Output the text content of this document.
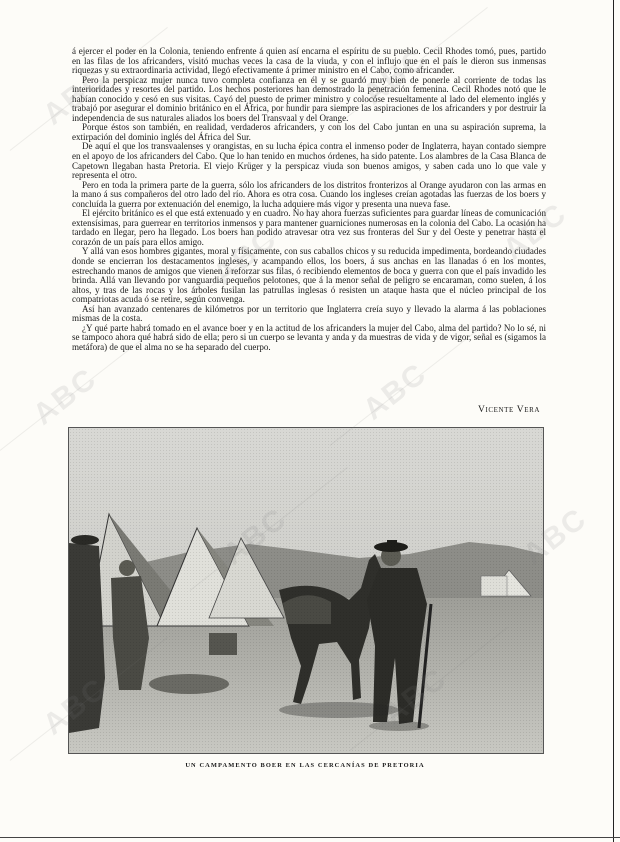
á ejercer el poder en la Colonia, teniendo enfrente á quien así encarna el espíritu de su pueblo. Cecil Rhodes tomó, pues, partido en las filas de los africanders, visitó muchas veces la casa de la viuda, y con el influjo que en el país le dieron sus inmensas riquezas y su extraordinaria actividad, llegó efectivamente á primer ministro en el Cabo, como africander.

Pero la perspicaz mujer nunca tuvo completa confianza en él y se guardó muy bien de ponerle al corriente de todas las interioridades y resortes del partido. Los hechos posteriores han demostrado la penetración femenina. Cecil Rhodes notó que le habían conocido y cesó en sus visitas. Cayó del puesto de primer ministro y colocóse resueltamente al lado del elemento inglés y trabajó por asegurar el dominio británico en el África, por hundir para siempre las aspiraciones de los africanders y por destruir la independencia de sus naturales aliados los boers del Transvaal y del Orange.

Porque éstos son también, en realidad, verdaderos africanders, y con los del Cabo juntan en una su aspiración suprema, la extirpación del dominio inglés del África del Sur.

De aquí el que los transvaalenses y orangistas, en su lucha épica contra el inmenso poder de Inglaterra, hayan contado siempre en el apoyo de los africanders del Cabo. Que lo han tenido en muchos órdenes, ha sido patente. Los alambres de la Casa Blanca de Capetown llegaban hasta Pretoria. El viejo Krüger y la perspicaz viuda son buenos amigos, y saben cada uno lo que vale y representa el otro.

Pero en toda la primera parte de la guerra, sólo los africanders de los distritos fronterizos al Orange ayudaron con las armas en la mano á sus compañeros del otro lado del río. Ahora es otra cosa. Cuando los ingleses creían agotadas las fuerzas de los boers y concluída la guerra por extenuación del enemigo, la lucha adquiere más vigor y presenta una nueva fase.

El ejército británico es el que está extenuado y en cuadro. No hay ahora fuerzas suficientes para guardar líneas de comunicación extensísimas, para guerrear en territorios inmensos y para mantener guarniciones numerosas en la colonia del Cabo. La ocasión ha tardado en llegar, pero ha llegado. Los boers han podido atravesar otra vez sus fronteras del Sur y del Oeste y penetrar hasta el corazón de un país para ellos amigo.

Y allá van esos hombres gigantes, moral y físicamente, con sus caballos chicos y su reducida impedimenta, bordeando ciudades donde se encierran los destacamentos ingleses, y acampando ellos, los boers, á sus anchas en las llanadas ó en los montes, estrechando manos de amigos que vienen á reforzar sus filas, ó recibiendo elementos de boca y guerra con que el país invadido les brinda. Allá van llevando por vanguardia pequeños pelotones, que á la menor señal de peligro se encaraman, como suelen, á los altos, y tras de las rocas y los árboles fusilan las patrullas inglesas ó resisten un ataque hasta que el núcleo principal de los compatriotas acuda ó se retire, según convenga.

Así han avanzado centenares de kilómetros por un territorio que Inglaterra creía suyo y llevado la alarma á las poblaciones mismas de la costa.

¿Y qué parte habrá tomado en el avance boer y en la actitud de los africanders la mujer del Cabo, alma del partido? No lo sé, ni se tampoco ahora qué habrá sido de ella; pero si un cuerpo se levanta y anda y da muestras de vida y de vigor, señal es (sigamos la metáfora) de que el alma no se ha separado del cuerpo.

Vicente Vera
UN CAMPAMENTO BOER EN LAS CERCANÍAS DE PRETORIA
ABC	ABC
ABC
ABC
ABC	ABC
ABC
